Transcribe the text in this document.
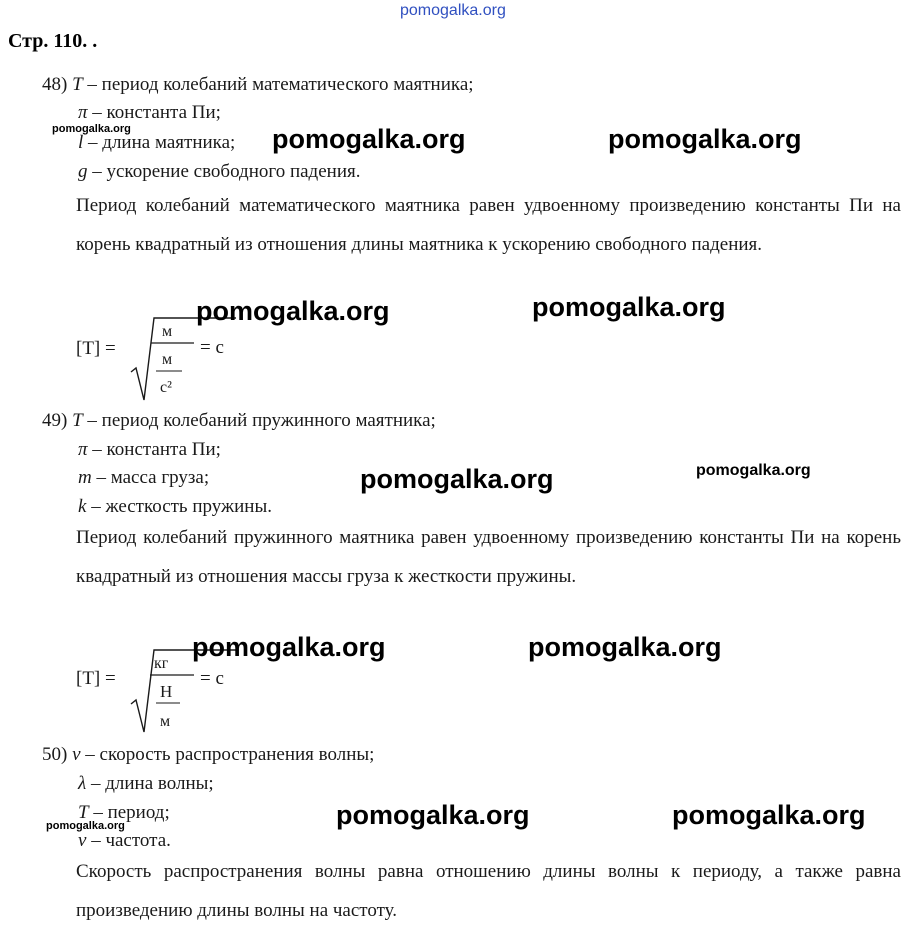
pomogalka.org
Стр. 110. .
48) T – период колебаний математического маятника;
π – константа Пи;
l – длина маятника;
g – ускорение свободного падения.
Период колебаний математического маятника равен удвоенному произведению константы Пи на корень квадратный из отношения длины маятника к ускорению свободного падения.
[T] =
м
м
с²
= с
49) T – период колебаний пружинного маятника;
π – константа Пи;
m – масса груза;
k – жесткость пружины.
Период колебаний пружинного маятника равен удвоенному произведению константы Пи на корень квадратный из отношения массы груза к жесткости пружины.
[T] =
кг
Н
м
= с
50) v – скорость распространения волны;
λ – длина волны;
T – период;
ν – частота.
Скорость распространения волны равна отношению длины волны к периоду, а также равна произведению длины волны на частоту.
pomogalka.org	pomogalka.org	pomogalka.org
pomogalka.org	pomogalka.org
pomogalka.org	pomogalka.org
pomogalka.org	pomogalka.org
pomogalka.org	pomogalka.org	pomogalka.org
